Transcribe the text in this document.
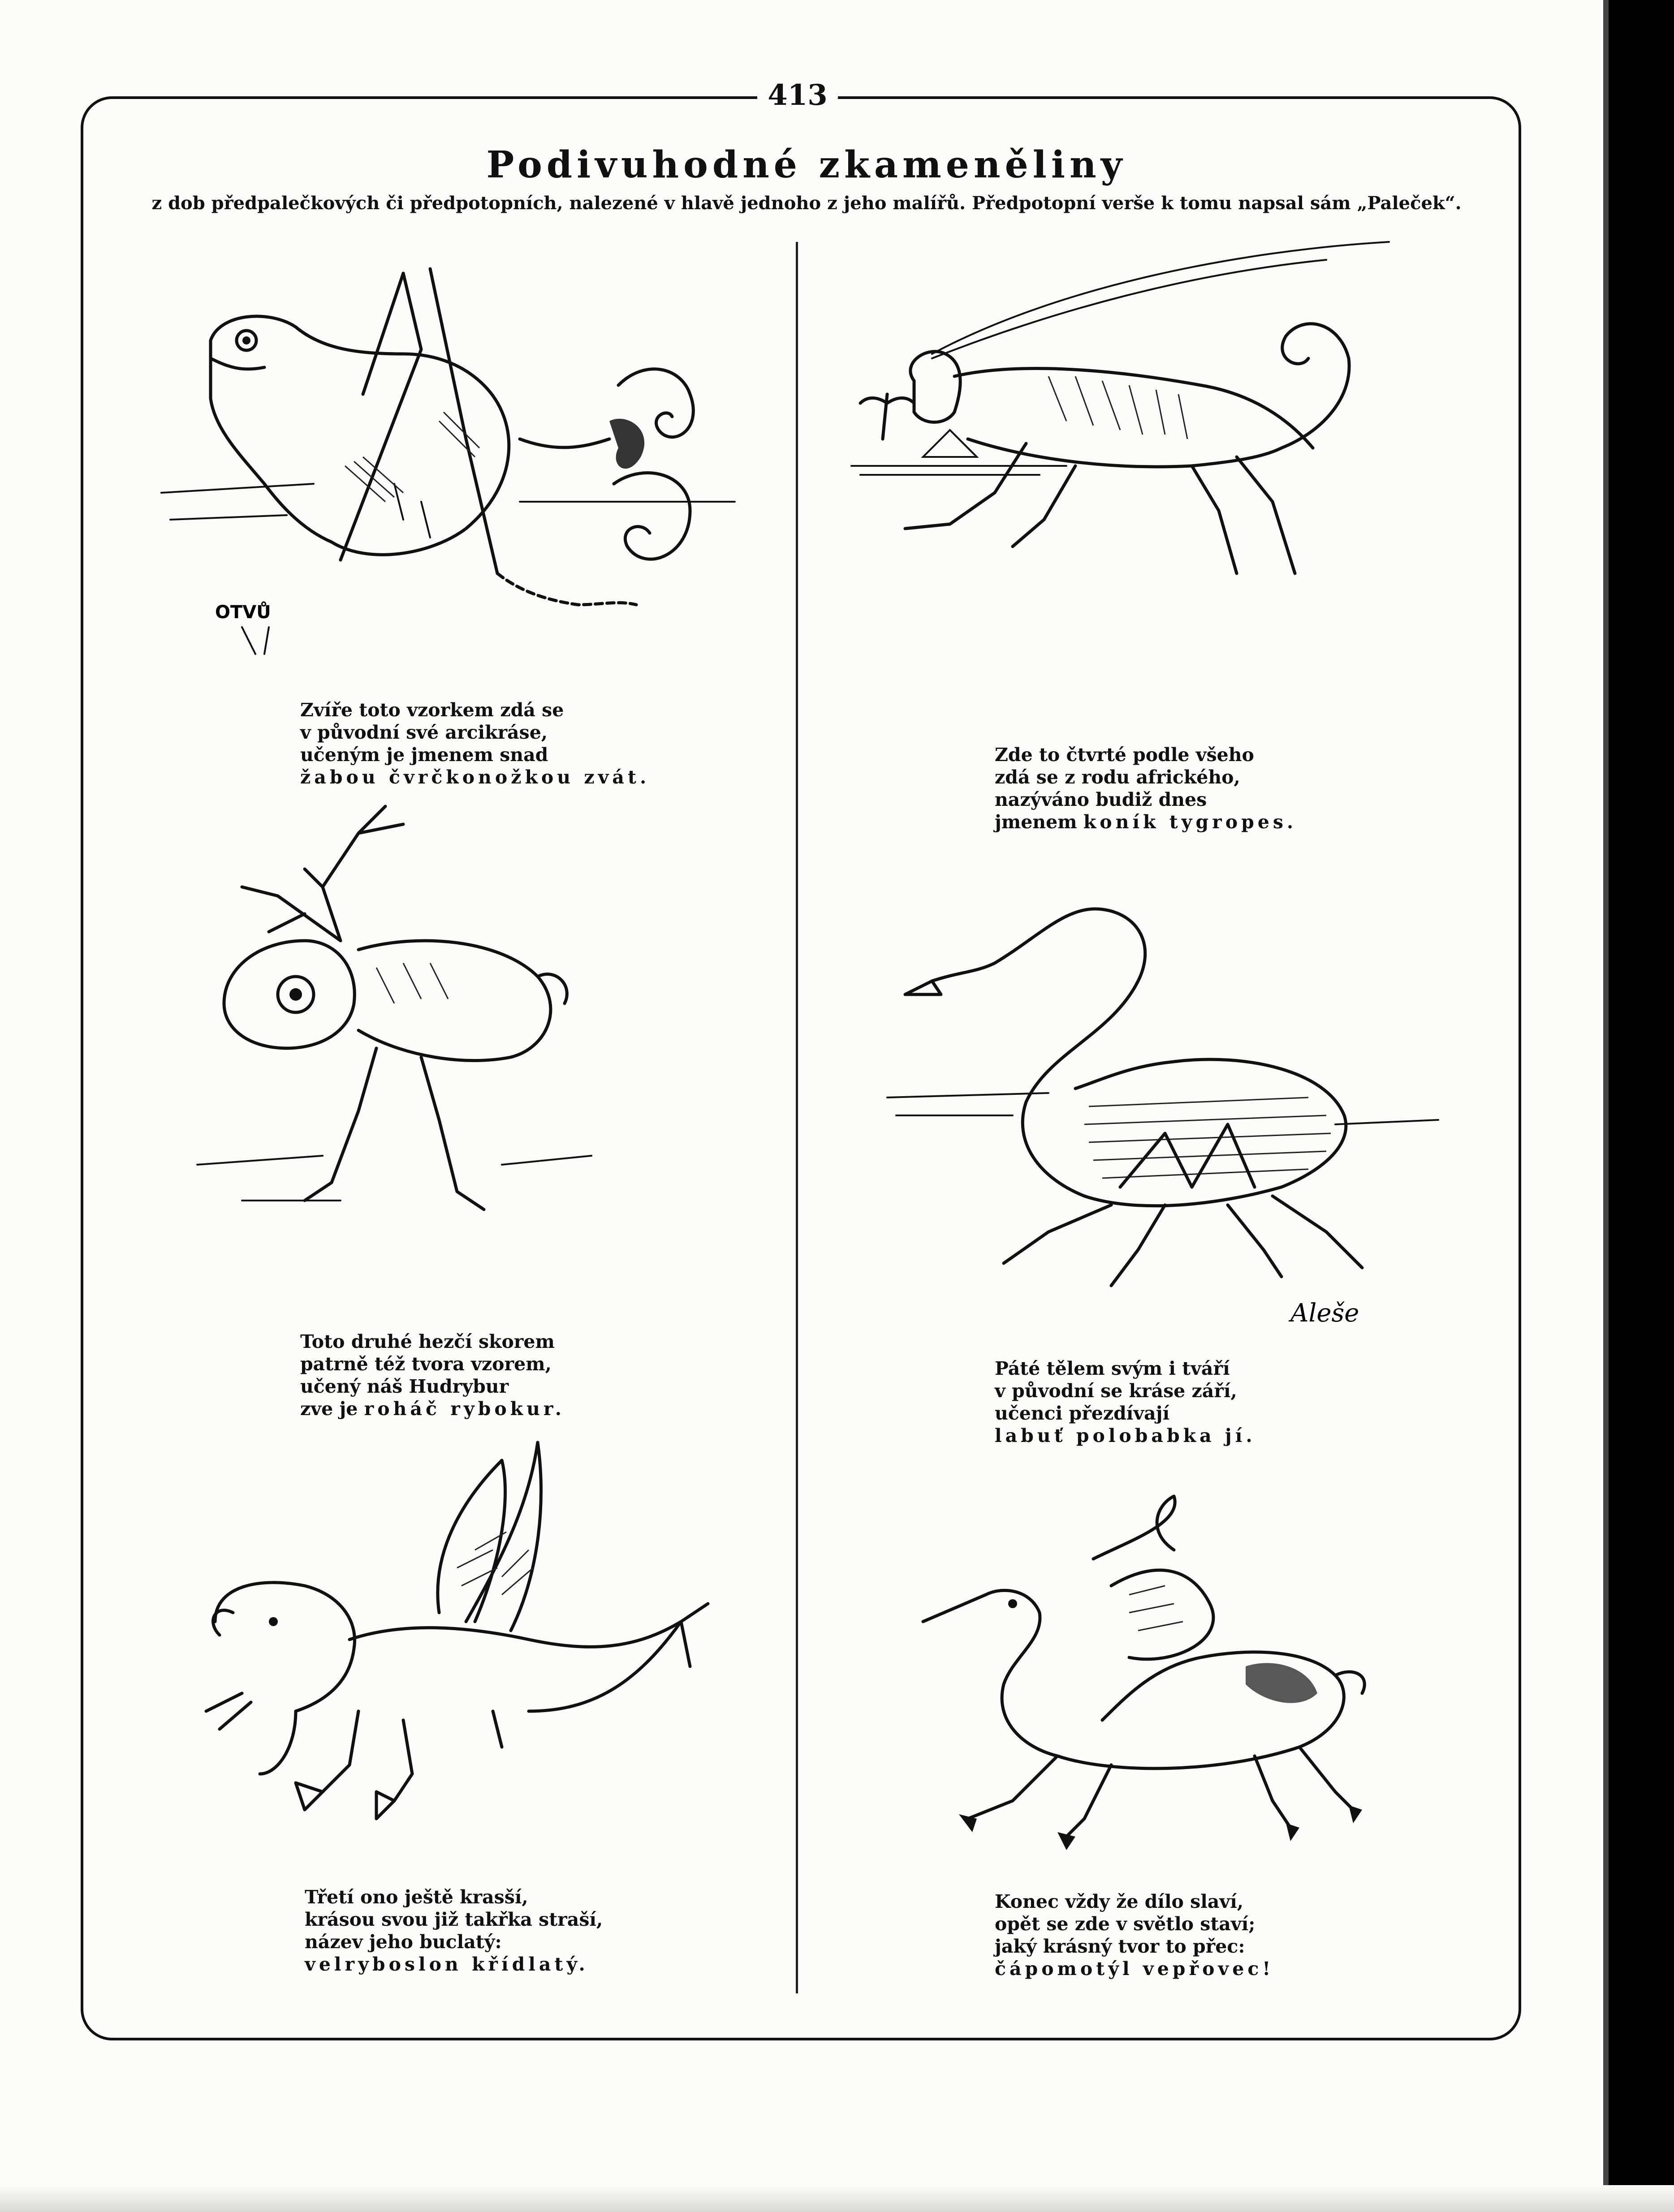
413
Podivuhodné zkameněliny
z dob předpalečkových či předpotopních, nalezené v hlavě jednoho z jeho malířů. Předpotopní verše k tomu napsal sám „Paleček“.
OTVŮ
Zvíře toto vzorkem zdá se
v původní své arcikráse,
učeným je jmenem snad
žabou čvrčkonožkou zvát.
Zde to čtvrté podle všeho
zdá se z rodu afrického,
nazýváno budiž dnes
jmenem koník tygropes.
Toto druhé hezčí skorem
patrně též tvora vzorem,
učený náš Hudrybur
zve je roháč rybokur.
Aleše
Páté tělem svým i tváří
v původní se kráse září,
učenci přezdívají
labuť polobabka jí.
Třetí ono ještě krasší,
krásou svou již takřka straší,
název jeho buclatý:
velryboslon křídlatý.
Konec vždy že dílo slaví,
opět se zde v světlo staví;
jaký krásný tvor to přec:
čápomotýl vepřovec!
